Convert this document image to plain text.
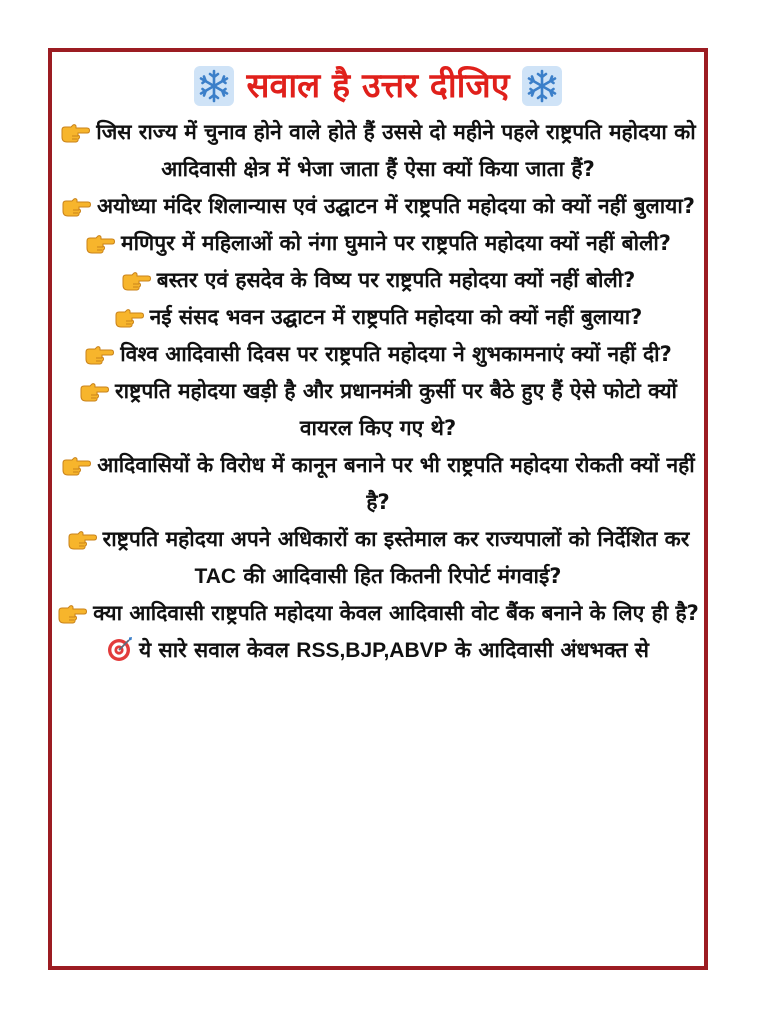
सवाल है उत्तर दीजिए

जिस राज्य में चुनाव होने वाले होते हैं उससे दो महीने पहले राष्ट्रपति महोदया को आदिवासी क्षेत्र में भेजा जाता हैं ऐसा क्यों किया जाता हैं?

अयोध्या मंदिर शिलान्यास एवं उद्घाटन में राष्ट्रपति महोदया को क्यों नहीं बुलाया?

मणिपुर में महिलाओं को नंगा घुमाने पर राष्ट्रपति महोदया क्यों नहीं बोली?

बस्तर एवं हसदेव के विष्य पर राष्ट्रपति महोदया क्यों नहीं बोली?

नई संसद भवन उद्घाटन में राष्ट्रपति महोदया को क्यों नहीं बुलाया?

विश्व आदिवासी दिवस पर राष्ट्रपति महोदया ने शुभकामनाएं क्यों नहीं दी?

राष्ट्रपति महोदया खड़ी है और प्रधानमंत्री कुर्सी पर बैठे हुए हैं ऐसे फोटो क्यों वायरल किए गए थे?

आदिवासियों के विरोध में कानून बनाने पर भी राष्ट्रपति महोदया रोकती क्यों नहीं है?

राष्ट्रपति महोदया अपने अधिकारों का इस्तेमाल कर राज्यपालों को निर्देशित कर TAC की आदिवासी हित कितनी रिपोर्ट मंगवाई?

क्या आदिवासी राष्ट्रपति महोदया केवल आदिवासी वोट बैंक बनाने के लिए ही है?

ये सारे सवाल केवल RSS,BJP,ABVP के आदिवासी अंधभक्त से
